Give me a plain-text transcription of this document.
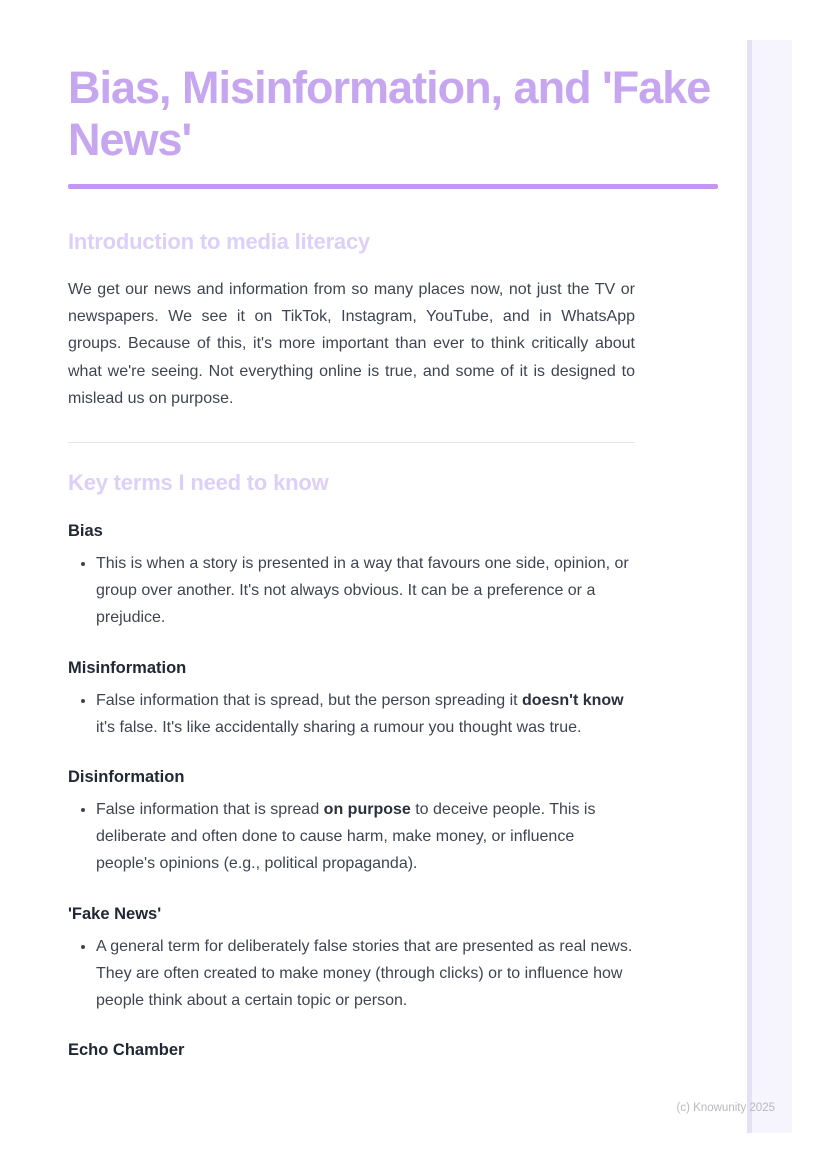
Bias, Misinformation, and 'Fake News'
Introduction to media literacy

We get our news and information from so many places now, not just the TV or newspapers. We see it on TikTok, Instagram, YouTube, and in WhatsApp groups. Because of this, it's more important than ever to think critically about what we're seeing. Not everything online is true, and some of it is designed to mislead us on purpose.

Key terms I need to know
Bias
• This is when a story is presented in a way that favours one side, opinion, or group over another. It's not always obvious. It can be a preference or a prejudice.
Misinformation
• False information that is spread, but the person spreading it doesn't know it's false. It's like accidentally sharing a rumour you thought was true.
Disinformation
• False information that is spread on purpose to deceive people. This is deliberate and often done to cause harm, make money, or influence people's opinions (e.g., political propaganda).
'Fake News'
• A general term for deliberately false stories that are presented as real news. They are often created to make money (through clicks) or to influence how people think about a certain topic or person.
Echo Chamber
(c) Knowunity 2025
